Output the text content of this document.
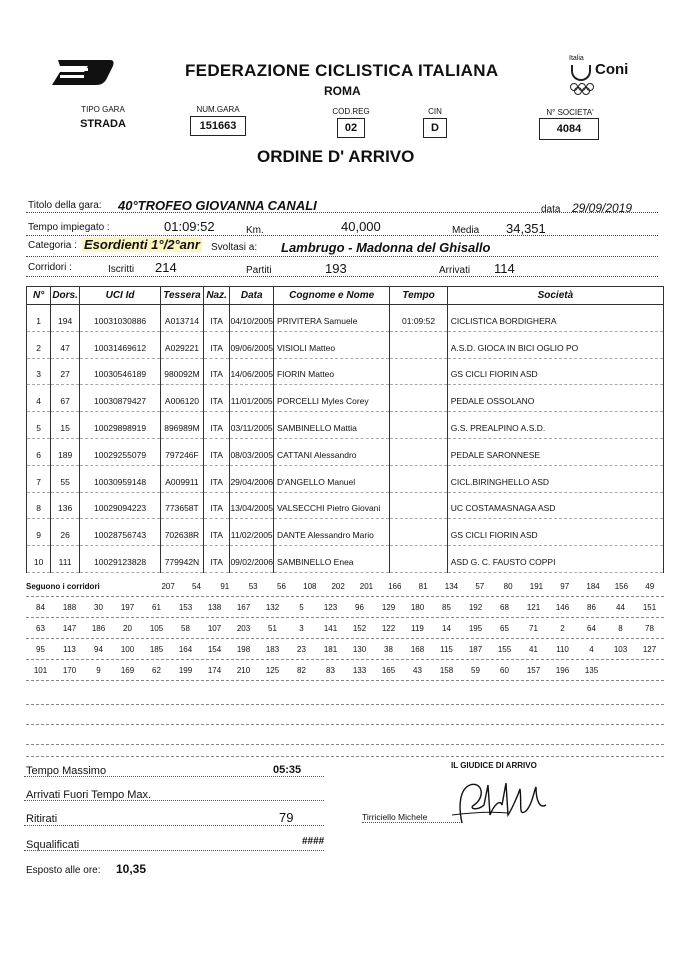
FEDERAZIONE CICLISTICA ITALIANA
ROMA
Italia
Coni
TIPO GARA
STRADA
NUM.GARA
151663
COD.REG
02
CIN
D
N° SOCIETA'
4084
ORDINE D' ARRIVO
Titolo della gara: 40°TROFEO GIOVANNA CANALI	data 29/09/2019
Tempo impiegato :	01:09:52	Km.	40,000	Media 34,351
Categoria : Esordienti 1°/2°anr Svoltasi a: Lambrugo - Madonna del Ghisallo
Corridori :	Iscritti 214	Partiti	193	Arrivati 114
N°	Dors.	UCI Id	Tessera	Naz.	Data	Cognome e Nome	Tempo	Società
1	194	10031030886	A013714	ITA	04/10/2005	PRIVITERA Samuele	01:09:52	CICLISTICA BORDIGHERA
2	47	10031469612	A029221	ITA	09/06/2005	VISIOLI Matteo		A.S.D. GIOCA IN BICI OGLIO PO
3	27	10030546189	980092M	ITA	14/06/2005	FIORIN Matteo		GS CICLI FIORIN ASD
4	67	10030879427	A006120	ITA	11/01/2005	PORCELLI Myles Corey		PEDALE OSSOLANO
5	15	10029898919	896989M	ITA	03/11/2005	SAMBINELLO Mattia		G.S. PREALPINO A.S.D.
6	189	10029255079	797246F	ITA	08/03/2005	CATTANI Alessandro		PEDALE SARONNESE
7	55	10030959148	A009911	ITA	29/04/2006	D'ANGELLO Manuel		CICL.BIRINGHELLO ASD
8	136	10029094223	773658T	ITA	13/04/2005	VALSECCHI Pietro Giovani		UC COSTAMASNAGA ASD
9	26	10028756743	702638R	ITA	11/02/2005	DANTE Alessandro Mario		GS CICLI FIORIN ASD
10	111	10029123828	779942N	ITA	09/02/2006	SAMBINELLO Enea		ASD G. C. FAUSTO COPPI
Seguono i corridori	207	54	91	53	56	108	202	201	166	81	134	57	80	191	97	184	156	49
84	188	30	197	61	153	138	167	132	5	123	96	129	180	85	192	68	121	146	86	44	151
63	147	186	20	105	58	107	203	51	3	141	152	122	119	14	195	65	71	2	64	8	78
95	113	94	100	185	164	154	198	183	23	181	130	38	168	115	187	155	41	110	4	103	127
101	170	9	169	62	199	174	210	125	82	83	133	165	43	158	59	60	157	196	135
Tempo Massimo	05:35
Arrivati Fuori Tempo Max.
Ritirati	79
Squalificati	####
Esposto alle ore: 10,35
IL GIUDICE DI ARRIVO
Tirriciello Michele
